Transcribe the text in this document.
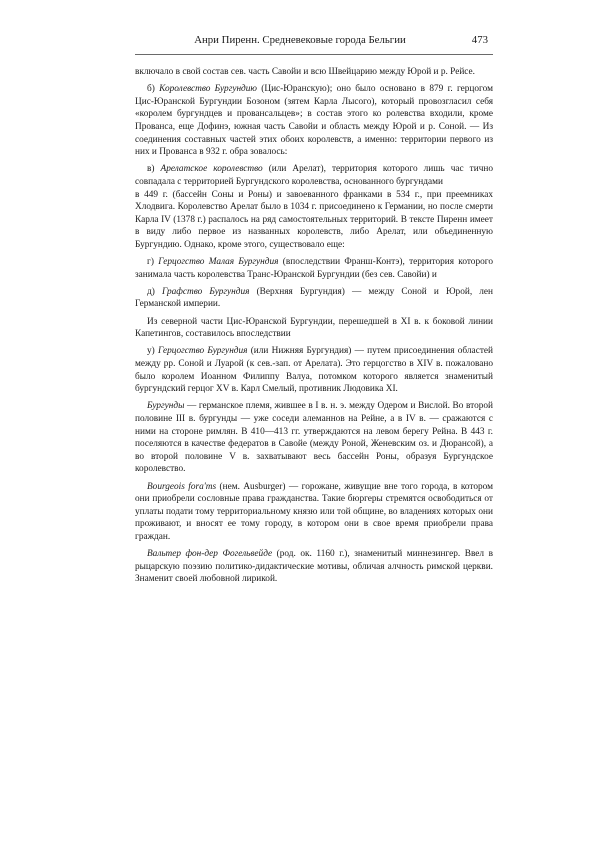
Анри Пиренн. Средневековые города Бельгии	473

включало в свой состав сев. часть Савойи и всю Швейцарию между Юрой и р. Рейсе.

б) Королевство Бургундию (Цис-Юранскую); оно было основано в 879 г. герцогом Цис-Юранской Бургундии Бозоном (зятем Карла Лысого), который провозгласил себя «королем бургундцев и провансальцев»; в состав этого ко ролевства входили, кроме Прованса, еще Дофинэ, южная часть Савойи и область между Юрой и р. Соной. — Из соединения составных частей этих обоих королевств, а именно: территории первого из них и Прованса в 932 г. обра зовалось:

в) Арелатское королевство (или Арелат), территория которого лишь час тично совпадала с территорией Бургундского королевства, основанного бургундами
в 449 г. (бассейн Соны и Роны) и завоеванного франками в 534 г., при преемниках Хлодвига. Королевство Арелат было в 1034 г. присоединено к Германии, но после смерти Карла IV (1378 г.) распалось на ряд самостоятельных территорий. В тексте Пиренн имеет в виду либо первое из названных королевств, либо Арелат, или объединенную Бургундию. Однако, кроме этого, существовало еще:

г) Герцогство Малая Бургундия (впоследствии Франш-Контэ), территория которого занимала часть королевства Транс-Юранской Бургундии (без сев. Савойи) и

д) Графство Бургундия (Верхняя Бургундия) — между Соной и Юрой, лен Германской империи.

Из северной части Цис-Юранской Бургундии, перешедшей в XI в. к боковой линии Капетингов, составилось впоследствии

у) Герцогство Бургундия (или Нижняя Бургундия) — путем присоединения областей между рр. Соной и Луарой (к сев.-зап. от Арелата). Это герцогство в XIV в. пожаловано было королем Иоанном Филиппу Валуа, потомком которого является знаменитый бургундский герцог XV в. Карл Смелый, противник Людовика XI.

Бургунды — германское племя, жившее в I в. н. э. между Одером и Вислой. Во второй половине III в. бургунды — уже соседи алеманнов на Рейне, а в IV в. — сражаются с ними на стороне римлян. В 410—413 гг. утверждаются на левом берегу Рейна. В 443 г. поселяются в качестве федератов в Савойе (между Роной, Женевским оз. и Дюрансой), а во второй половине V в. захватывают весь бассейн Роны, образуя Бургундское королевство.

Bourgeois fora'ms (нем. Ausburger) — горожане, живущие вне того города, в котором они приобрели сословные права гражданства. Такие бюргеры стремятся освободиться от уплаты подати тому территориальному князю или той общине, во владениях которых они проживают, и вносят ее тому городу, в котором они в свое время приобрели права граждан.

Вальтер фон-дер Фогельвейде (род. ок. 1160 г.), знаменитый миннезингер. Ввел в рыцарскую поэзию политико-дидактические мотивы, обличая алчность римской церкви. Знаменит своей любовной лирикой.
